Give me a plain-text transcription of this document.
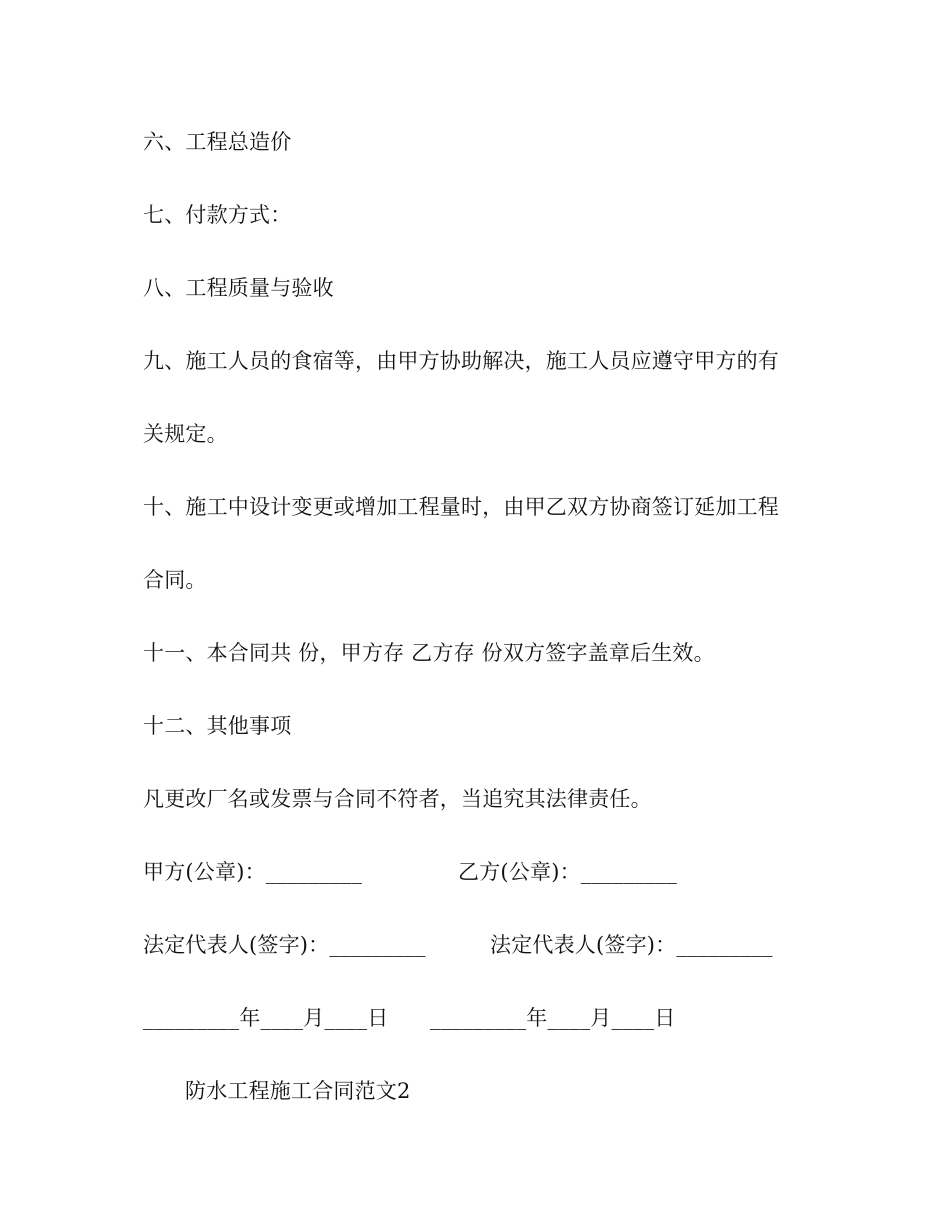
六、工程总造价
七、付款方式：
八、工程质量与验收
九、施工人员的食宿等，由甲方协助解决，施工人员应遵守甲方的有
关规定。
十、施工中设计变更或增加工程量时，由甲乙双方协商签订延加工程
合同。
十一、本合同共 份，甲方存 乙方存 份双方签字盖章后生效。
十二、其他事项
凡更改厂名或发票与合同不符者，当追究其法律责任。
甲方(公章)：_________	乙方(公章)：_________
法定代表人(签字)：_________	法定代表人(签字)：_________
_________年____月____日 _________年____月____日
防水工程施工合同范文2
